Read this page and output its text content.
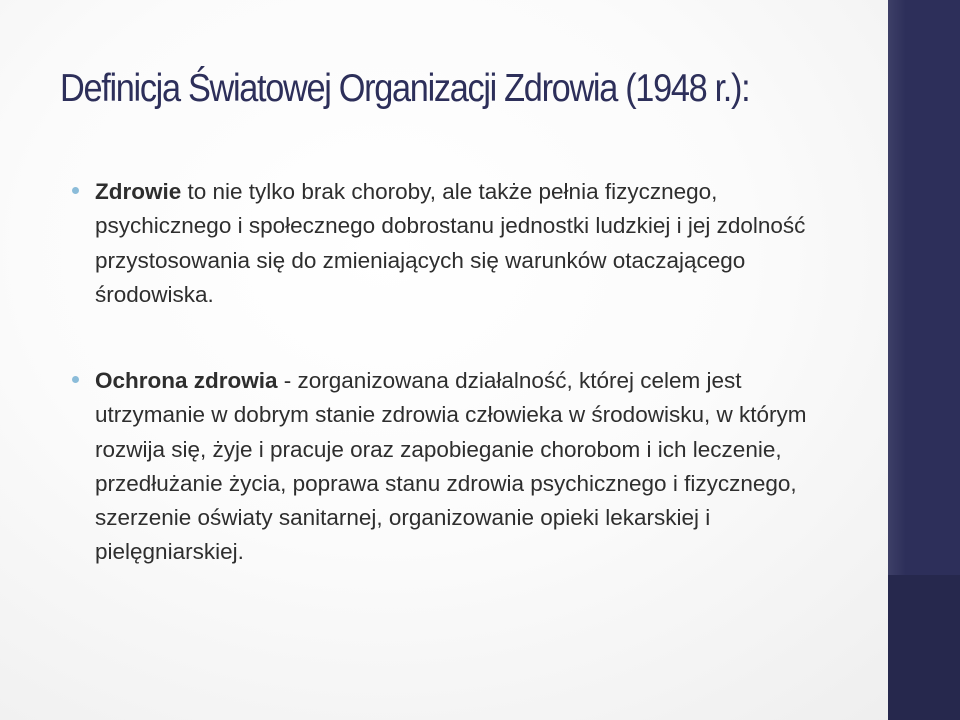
Definicja Światowej Organizacji Zdrowia (1948 r.):
Zdrowie to nie tylko brak choroby, ale także pełnia fizycznego, psychicznego i społecznego dobrostanu jednostki ludzkiej i jej zdolność przystosowania się do zmieniających się warunków otaczającego środowiska.
Ochrona zdrowia - zorganizowana działalność, której celem jest utrzymanie w dobrym stanie zdrowia człowieka w środowisku, w którym rozwija się, żyje i pracuje oraz zapobieganie chorobom i ich leczenie, przedłużanie życia, poprawa stanu zdrowia psychicznego i fizycznego, szerzenie oświaty sanitarnej, organizowanie opieki lekarskiej i pielęgniarskiej.
